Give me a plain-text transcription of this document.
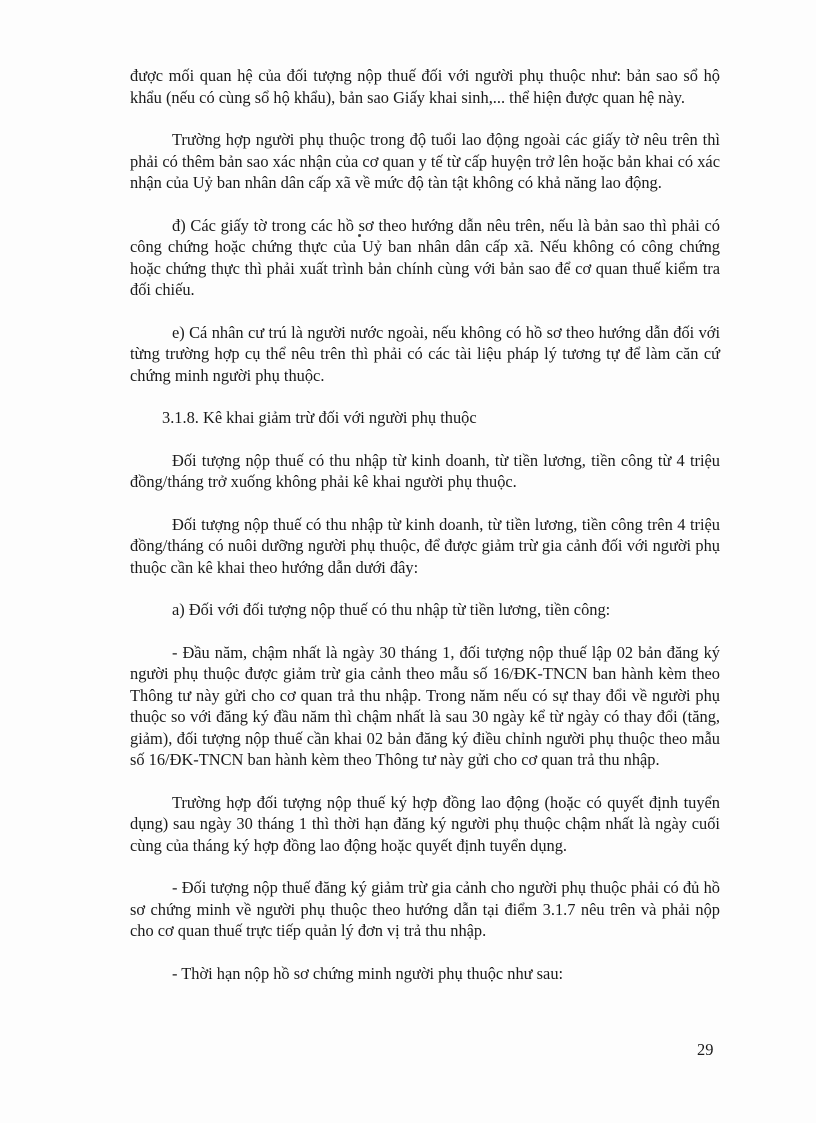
được mối quan hệ của đối tượng nộp thuế đối với người phụ thuộc như: bản sao sổ hộ khẩu (nếu có cùng sổ hộ khẩu), bản sao Giấy khai sinh,... thể hiện được quan hệ này.

Trường hợp người phụ thuộc trong độ tuổi lao động ngoài các giấy tờ nêu trên thì phải có thêm bản sao xác nhận của cơ quan y tế từ cấp huyện trở lên hoặc bản khai có xác nhận của Uỷ ban nhân dân cấp xã về mức độ tàn tật không có khả năng lao động.

đ) Các giấy tờ trong các hồ sơ theo hướng dẫn nêu trên, nếu là bản sao thì phải có công chứng hoặc chứng thực của Uỷ ban nhân dân cấp xã. Nếu không có công chứng hoặc chứng thực thì phải xuất trình bản chính cùng với bản sao để cơ quan thuế kiểm tra đối chiếu.

e) Cá nhân cư trú là người nước ngoài, nếu không có hồ sơ theo hướng dẫn đối với từng trường hợp cụ thể nêu trên thì phải có các tài liệu pháp lý tương tự để làm căn cứ chứng minh người phụ thuộc.

3.1.8. Kê khai giảm trừ đối với người phụ thuộc

Đối tượng nộp thuế có thu nhập từ kinh doanh, từ tiền lương, tiền công từ 4 triệu đồng/tháng trở xuống không phải kê khai người phụ thuộc.

Đối tượng nộp thuế có thu nhập từ kinh doanh, từ tiền lương, tiền công trên 4 triệu đồng/tháng có nuôi dưỡng người phụ thuộc, để được giảm trừ gia cảnh đối với người phụ thuộc cần kê khai theo hướng dẫn dưới đây:

a) Đối với đối tượng nộp thuế có thu nhập từ tiền lương, tiền công:

- Đầu năm, chậm nhất là ngày 30 tháng 1, đối tượng nộp thuế lập 02 bản đăng ký người phụ thuộc được giảm trừ gia cảnh theo mẫu số 16/ĐK-TNCN ban hành kèm theo Thông tư này gửi cho cơ quan trả thu nhập. Trong năm nếu có sự thay đổi về người phụ thuộc so với đăng ký đầu năm thì chậm nhất là sau 30 ngày kể từ ngày có thay đổi (tăng, giảm), đối tượng nộp thuế cần khai 02 bản đăng ký điều chỉnh người phụ thuộc theo mẫu số 16/ĐK-TNCN ban hành kèm theo Thông tư này gửi cho cơ quan trả thu nhập.

Trường hợp đối tượng nộp thuế ký hợp đồng lao động (hoặc có quyết định tuyển dụng) sau ngày 30 tháng 1 thì thời hạn đăng ký người phụ thuộc chậm nhất là ngày cuối cùng của tháng ký hợp đồng lao động hoặc quyết định tuyển dụng.

- Đối tượng nộp thuế đăng ký giảm trừ gia cảnh cho người phụ thuộc phải có đủ hồ sơ chứng minh về người phụ thuộc theo hướng dẫn tại điểm 3.1.7 nêu trên và phải nộp cho cơ quan thuế trực tiếp quản lý đơn vị trả thu nhập.

- Thời hạn nộp hồ sơ chứng minh người phụ thuộc như sau:

29
